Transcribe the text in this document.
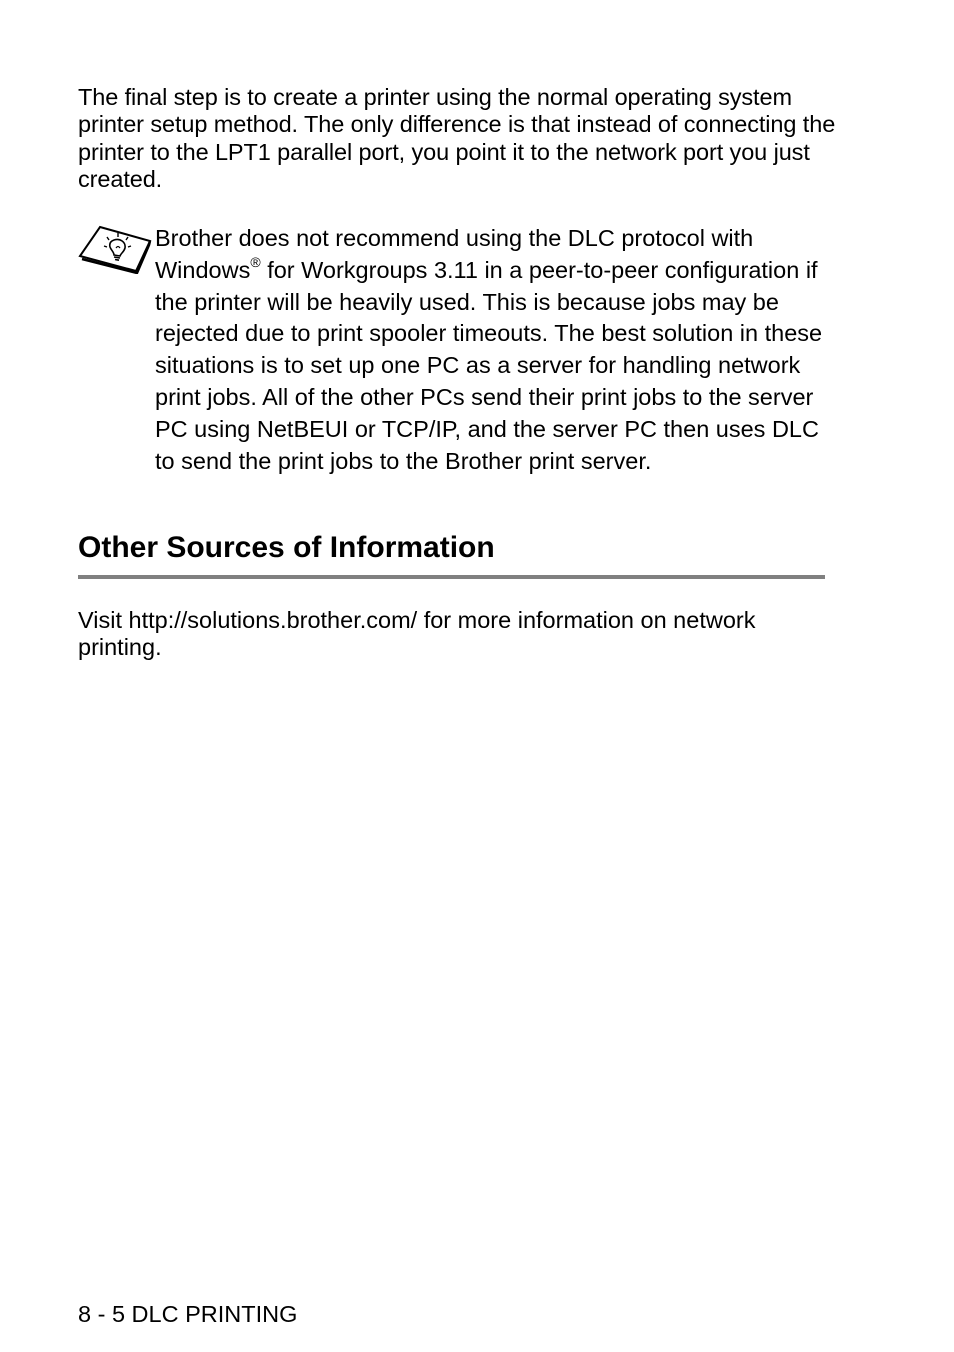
The final step is to create a printer using the normal operating system printer setup method. The only difference is that instead of connecting the printer to the LPT1 parallel port, you point it to the network port you just created.

Brother does not recommend using the DLC protocol with Windows® for Workgroups 3.11 in a peer-to-peer configuration if the printer will be heavily used. This is because jobs may be rejected due to print spooler timeouts. The best solution in these situations is to set up one PC as a server for handling network print jobs. All of the other PCs send their print jobs to the server PC using NetBEUI or TCP/IP, and the server PC then uses DLC to send the print jobs to the Brother print server.

Other Sources of Information

Visit http://solutions.brother.com/ for more information on network printing.

8 - 5 DLC PRINTING
